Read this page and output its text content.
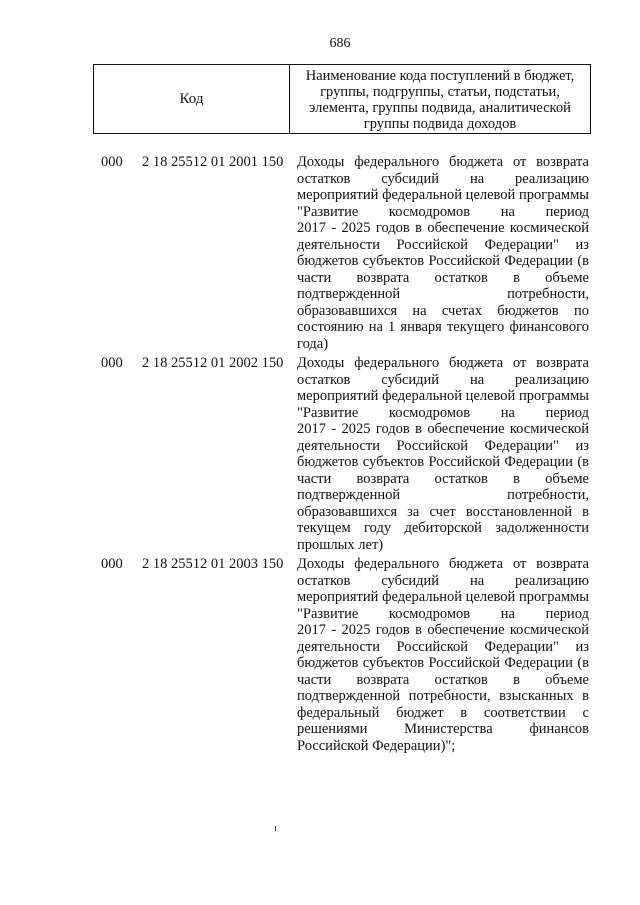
686
Код
Наименование кода поступлений в бюджет, группы, подгруппы, статьи, подстатьи, элемента, группы подвида, аналитической группы подвида доходов
000 2 18 25512 01 2001 150 Доходы федерального бюджета от возврата
остатков субсидий на реализацию
мероприятий федеральной целевой программы
"Развитие космодромов на период
2017 - 2025 годов в обеспечение космической
деятельности Российской Федерации" из
бюджетов субъектов Российской Федерации (в
части возврата остатков в объеме
подтвержденной потребности,
образовавшихся на счетах бюджетов по
состоянию на 1 января текущего финансового
года)
000 2 18 25512 01 2002 150 Доходы федерального бюджета от возврата
остатков субсидий на реализацию
мероприятий федеральной целевой программы
"Развитие космодромов на период
2017 - 2025 годов в обеспечение космической
деятельности Российской Федерации" из
бюджетов субъектов Российской Федерации (в
части возврата остатков в объеме
подтвержденной потребности,
образовавшихся за счет восстановленной в
текущем году дебиторской задолженности
прошлых лет)
000 2 18 25512 01 2003 150 Доходы федерального бюджета от возврата
остатков субсидий на реализацию
мероприятий федеральной целевой программы
"Развитие космодромов на период
2017 - 2025 годов в обеспечение космической
деятельности Российской Федерации" из
бюджетов субъектов Российской Федерации (в
части возврата остатков в объеме
подтвержденной потребности, взысканных в
федеральный бюджет в соответствии с
решениями Министерства финансов
Российской Федерации)";
